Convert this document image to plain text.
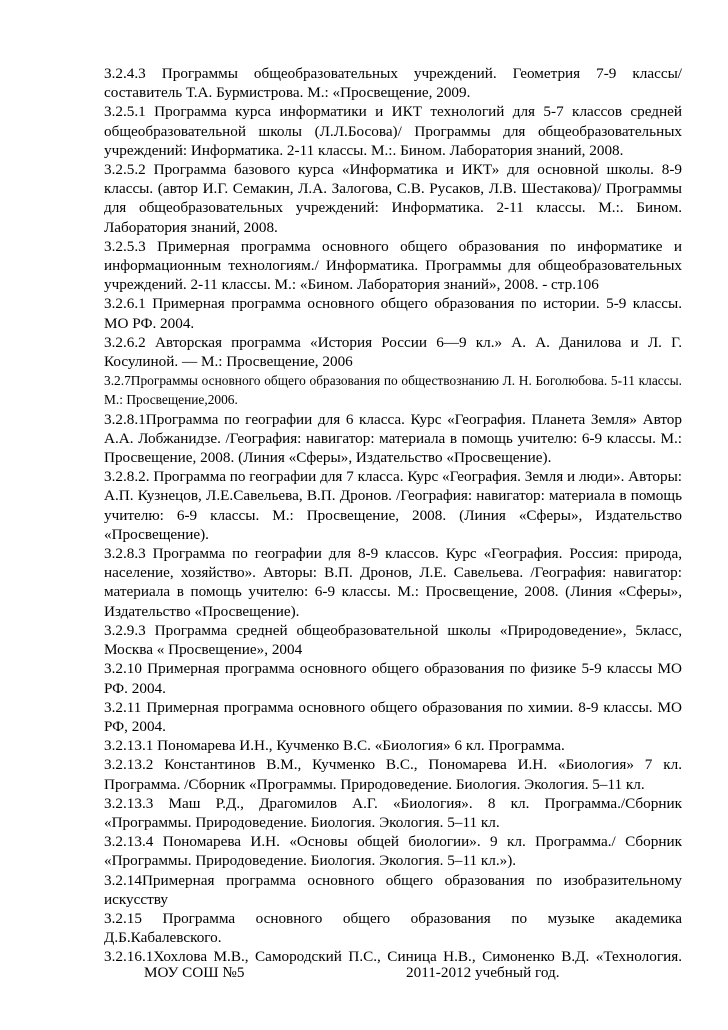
3.2.4.3 Программы общеобразовательных учреждений. Геометрия 7-9 классы/составитель Т.А. Бурмистрова. М.: «Просвещение, 2009.

3.2.5.1 Программа курса информатики и ИКТ технологий для 5-7 классов средней общеобразовательной школы (Л.Л.Босова)/ Программы для общеобразовательных учреждений: Информатика. 2-11 классы. М.:. Бином. Лаборатория знаний, 2008.

3.2.5.2 Программа базового курса «Информатика и ИКТ» для основной школы. 8-9 классы. (автор И.Г. Семакин, Л.А. Залогова, С.В. Русаков, Л.В. Шестакова)/ Программы для общеобразовательных учреждений: Информатика. 2-11 классы. М.:. Бином. Лаборатория знаний, 2008.

3.2.5.3 Примерная программа основного общего образования по информатике и информационным технологиям./ Информатика. Программы для общеобразовательных учреждений. 2-11 классы. М.: «Бином. Лаборатория знаний», 2008. - стр.106

3.2.6.1 Примерная программа основного общего образования по истории. 5-9 классы. МО РФ. 2004.

3.2.6.2 Авторская программа «История России 6—9 кл.» А. А. Данилова и Л. Г. Косулиной. — М.: Просвещение, 2006

3.2.7Программы основного общего образования по обществознанию Л. Н. Боголюбова. 5-11 классы. М.: Просвещение,2006.

3.2.8.1Программа по географии для 6 класса. Курс «География. Планета Земля» Автор А.А. Лобжанидзе. /География: навигатор: материала в помощь учителю: 6-9 классы. М.: Просвещение, 2008. (Линия «Сферы», Издательство «Просвещение).

3.2.8.2. Программа по географии для 7 класса. Курс «География. Земля и люди». Авторы: А.П. Кузнецов, Л.Е.Савельева, В.П. Дронов. /География: навигатор: материала в помощь учителю: 6-9 классы. М.: Просвещение, 2008. (Линия «Сферы», Издательство «Просвещение).

3.2.8.3 Программа по географии для 8-9 классов. Курс «География. Россия: природа, население, хозяйство». Авторы: В.П. Дронов, Л.Е. Савельева. /География: навигатор: материала в помощь учителю: 6-9 классы. М.: Просвещение, 2008. (Линия «Сферы», Издательство «Просвещение).

3.2.9.3 Программа средней общеобразовательной школы «Природоведение», 5класс, Москва « Просвещение», 2004

3.2.10 Примерная программа основного общего образования по физике 5-9 классы МО РФ. 2004.

3.2.11 Примерная программа основного общего образования по химии. 8-9 классы. МО РФ, 2004.

3.2.13.1 Пономарева И.Н., Кучменко В.С. «Биология» 6 кл. Программа.

3.2.13.2 Константинов В.М., Кучменко В.С., Пономарева И.Н. «Биология» 7 кл. Программа. /Сборник «Программы. Природоведение. Биология. Экология. 5–11 кл.

3.2.13.3 Маш Р.Д., Драгомилов А.Г. «Биология». 8 кл. Программа./Сборник «Программы. Природоведение. Биология. Экология. 5–11 кл.

3.2.13.4 Пономарева И.Н. «Основы общей биологии». 9 кл. Программа./ Сборник «Программы. Природоведение. Биология. Экология. 5–11 кл.»).

3.2.14Примерная программа основного общего образования по изобразительному искусству

3.2.15 Программа основного общего образования по музыке академика Д.Б.Кабалевского.

3.2.16.1Хохлова М.В., Самородский П.С., Синица Н.В., Симоненко В.Д. «Технология.

МОУ СОШ №5	2011-2012 учебный год.
